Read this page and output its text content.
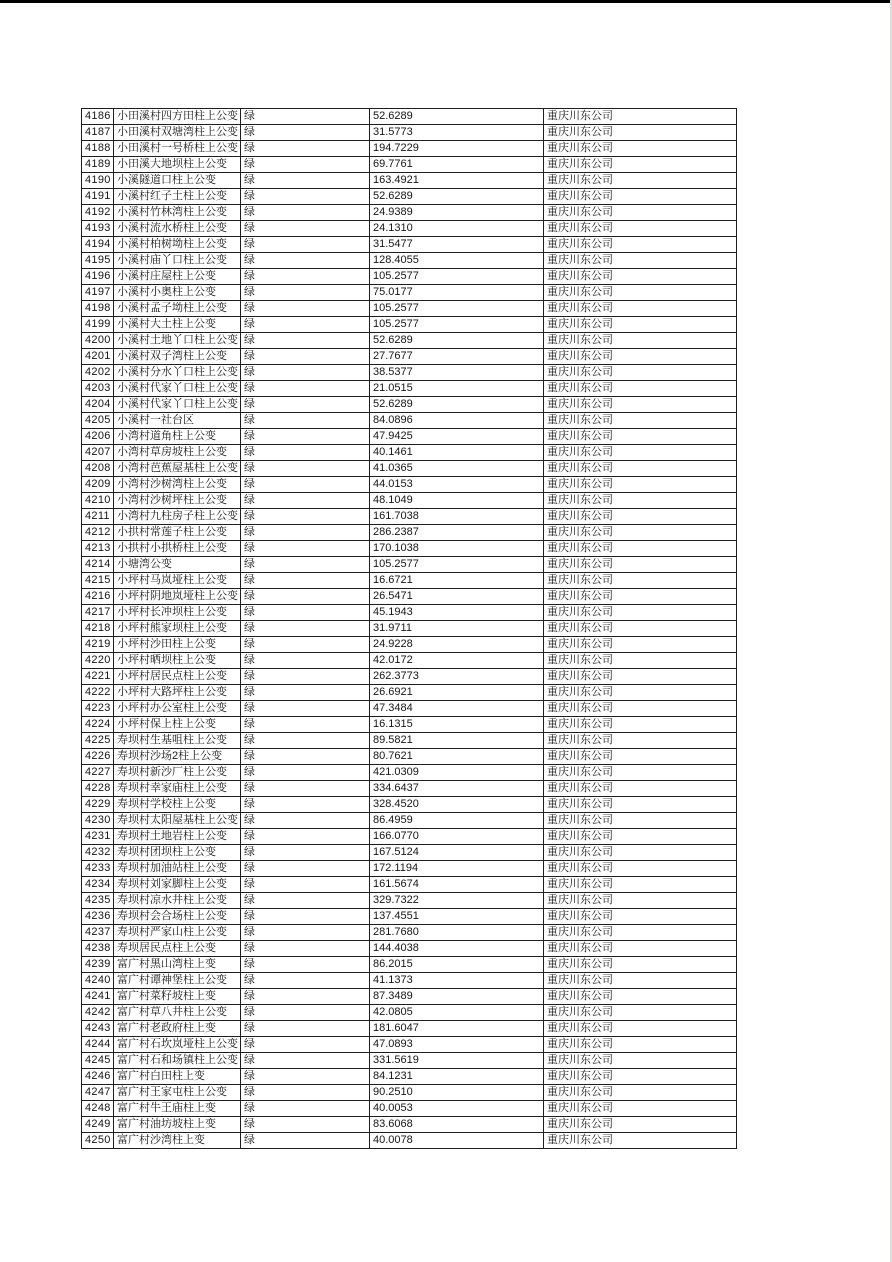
4186	小田溪村四方田柱上公变	绿	52.6289	重庆川东公司
4187	小田溪村双塘湾柱上公变	绿	31.5773	重庆川东公司
4188	小田溪村一号桥柱上公变	绿	194.7229	重庆川东公司
4189	小田溪大地坝柱上公变	绿	69.7761	重庆川东公司
4190	小溪隧道口柱上公变	绿	163.4921	重庆川东公司
4191	小溪村红子土柱上公变	绿	52.6289	重庆川东公司
4192	小溪村竹林湾柱上公变	绿	24.9389	重庆川东公司
4193	小溪村流水桥柱上公变	绿	24.1310	重庆川东公司
4194	小溪村柏树坳柱上公变	绿	31.5477	重庆川东公司
4195	小溪村庙丫口柱上公变	绿	128.4055	重庆川东公司
4196	小溪村庄屋柱上公变	绿	105.2577	重庆川东公司
4197	小溪村小奥柱上公变	绿	75.0177	重庆川东公司
4198	小溪村孟子坳柱上公变	绿	105.2577	重庆川东公司
4199	小溪村大土柱上公变	绿	105.2577	重庆川东公司
4200	小溪村土地丫口柱上公变	绿	52.6289	重庆川东公司
4201	小溪村双子湾柱上公变	绿	27.7677	重庆川东公司
4202	小溪村分水丫口柱上公变	绿	38.5377	重庆川东公司
4203	小溪村代家丫口柱上公变	绿	21.0515	重庆川东公司
4204	小溪村代家丫口柱上公变	绿	52.6289	重庆川东公司
4205	小溪村一社台区	绿	84.0896	重庆川东公司
4206	小湾村道角柱上公变	绿	47.9425	重庆川东公司
4207	小湾村草房坡柱上公变	绿	40.1461	重庆川东公司
4208	小湾村芭蕉屋基柱上公变	绿	41.0365	重庆川东公司
4209	小湾村沙树湾柱上公变	绿	44.0153	重庆川东公司
4210	小湾村沙树坪柱上公变	绿	48.1049	重庆川东公司
4211	小湾村九柱房子柱上公变	绿	161.7038	重庆川东公司
4212	小拱村常莲子柱上公变	绿	286.2387	重庆川东公司
4213	小拱村小拱桥柱上公变	绿	170.1038	重庆川东公司
4214	小塘湾公变	绿	105.2577	重庆川东公司
4215	小坪村马岚垭柱上公变	绿	16.6721	重庆川东公司
4216	小坪村阴地岚垭柱上公变	绿	26.5471	重庆川东公司
4217	小坪村长冲坝柱上公变	绿	45.1943	重庆川东公司
4218	小坪村熊家坝柱上公变	绿	31.9711	重庆川东公司
4219	小坪村沙田柱上公变	绿	24.9228	重庆川东公司
4220	小坪村晒坝柱上公变	绿	42.0172	重庆川东公司
4221	小坪村居民点柱上公变	绿	262.3773	重庆川东公司
4222	小坪村大路坪柱上公变	绿	26.6921	重庆川东公司
4223	小坪村办公室柱上公变	绿	47.3484	重庆川东公司
4224	小坪村保上柱上公变	绿	16.1315	重庆川东公司
4225	寿坝村生基咀柱上公变	绿	89.5821	重庆川东公司
4226	寿坝村沙场2柱上公变	绿	80.7621	重庆川东公司
4227	寿坝村新沙厂柱上公变	绿	421.0309	重庆川东公司
4228	寿坝村幸家庙柱上公变	绿	334.6437	重庆川东公司
4229	寿坝村学校柱上公变	绿	328.4520	重庆川东公司
4230	寿坝村太阳屋基柱上公变	绿	86.4959	重庆川东公司
4231	寿坝村土地岩柱上公变	绿	166.0770	重庆川东公司
4232	寿坝村团坝柱上公变	绿	167.5124	重庆川东公司
4233	寿坝村加油站柱上公变	绿	172.1194	重庆川东公司
4234	寿坝村刘家脚柱上公变	绿	161.5674	重庆川东公司
4235	寿坝村凉水井柱上公变	绿	329.7322	重庆川东公司
4236	寿坝村会合场柱上公变	绿	137.4551	重庆川东公司
4237	寿坝村严家山柱上公变	绿	281.7680	重庆川东公司
4238	寿坝居民点柱上公变	绿	144.4038	重庆川东公司
4239	富广村黑山湾柱上变	绿	86.2015	重庆川东公司
4240	富广村谭神堡柱上公变	绿	41.1373	重庆川东公司
4241	富广村菜籽坡柱上变	绿	87.3489	重庆川东公司
4242	富广村草八井柱上公变	绿	42.0805	重庆川东公司
4243	富广村老政府柱上变	绿	181.6047	重庆川东公司
4244	富广村石坎岚垭柱上公变	绿	47.0893	重庆川东公司
4245	富广村石和场镇柱上公变	绿	331.5619	重庆川东公司
4246	富广村白田柱上变	绿	84.1231	重庆川东公司
4247	富广村王家屯柱上公变	绿	90.2510	重庆川东公司
4248	富广村牛王庙柱上变	绿	40.0053	重庆川东公司
4249	富广村油坊坡柱上变	绿	83.6068	重庆川东公司
4250	富广村沙湾柱上变	绿	40.0078	重庆川东公司
